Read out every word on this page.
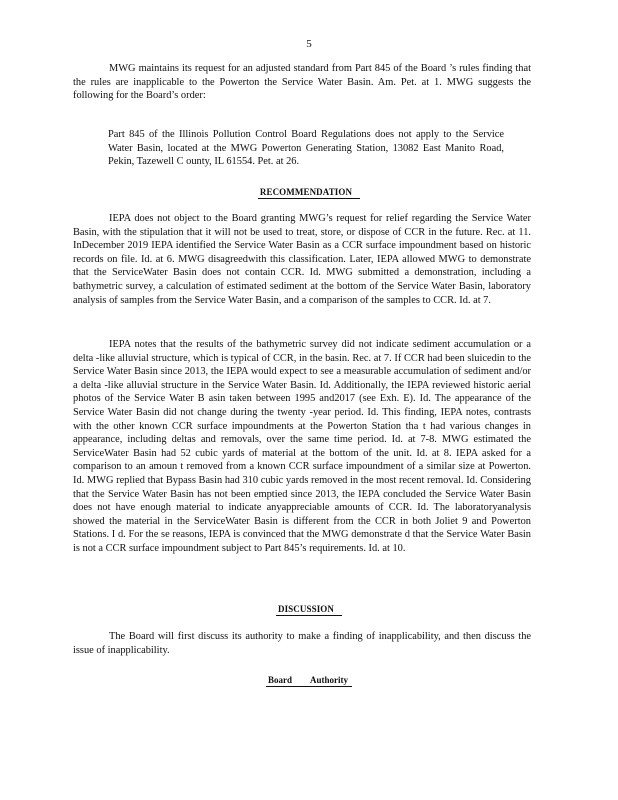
5

MWG maintains its request for an adjusted standard from Part 845 of the Board ’s rules finding that the rules are inapplicable to the Powerton the Service Water Basin. Am. Pet. at 1. MWG suggests the following for the Board’s order:

Part 845 of the Illinois Pollution Control Board Regulations does not apply to the Service Water Basin, located at the MWG Powerton Generating Station, 13082 East Manito Road, Pekin, Tazewell C ounty, IL 61554. Pet. at 26.

RECOMMENDATION

IEPA does not object to the Board granting MWG’s request for relief regarding the Service Water Basin, with the stipulation that it will not be used to treat, store, or dispose of CCR in the future. Rec. at 11. InDecember 2019 IEPA identified the Service Water Basin as a CCR surface impoundment based on historic records on file. Id. at 6. MWG disagreedwith this classification. Later, IEPA allowed MWG to demonstrate that the ServiceWater Basin does not contain CCR. Id. MWG submitted a demonstration, including a bathymetric survey, a calculation of estimated sediment at the bottom of the Service Water Basin, laboratory analysis of samples from the Service Water Basin, and a comparison of the samples to CCR. Id. at 7.

IEPA notes that the results of the bathymetric survey did not indicate sediment accumulation or a delta -like alluvial structure, which is typical of CCR, in the basin. Rec. at 7. If CCR had been sluicedin to the Service Water Basin since 2013, the IEPA would expect to see a measurable accumulation of sediment and/or a delta -like alluvial structure in the Service Water Basin. Id. Additionally, the IEPA reviewed historic aerial photos of the Service Water B asin taken between 1995 and2017 (see Exh. E). Id. The appearance of the Service Water Basin did not change during the twenty -year period. Id. This finding, IEPA notes, contrasts with the other known CCR surface impoundments at the Powerton Station tha t had various changes in appearance, including deltas and removals, over the same time period. Id. at 7-8. MWG estimated the ServiceWater Basin had 52 cubic yards of material at the bottom of the unit. Id. at 8. IEPA asked for a comparison to an amoun t removed from a known CCR surface impoundment of a similar size at Powerton. Id. MWG replied that Bypass Basin had 310 cubic yards removed in the most recent removal. Id. Considering that the Service Water Basin has not been emptied since 2013, the IEPA concluded the Service Water Basin does not have enough material to indicate anyappreciable amounts of CCR. Id. The laboratoryanalysis showed the material in the ServiceWater Basin is different from the CCR in both Joliet 9 and Powerton Stations. I d. For the se reasons, IEPA is convinced that the MWG demonstrate d that the Service Water Basin is not a CCR surface impoundment subject to Part 845’s requirements. Id. at 10.

DISCUSSION

The Board will first discuss its authority to make a finding of inapplicability, and then discuss the issue of inapplicability.

Board Authority
